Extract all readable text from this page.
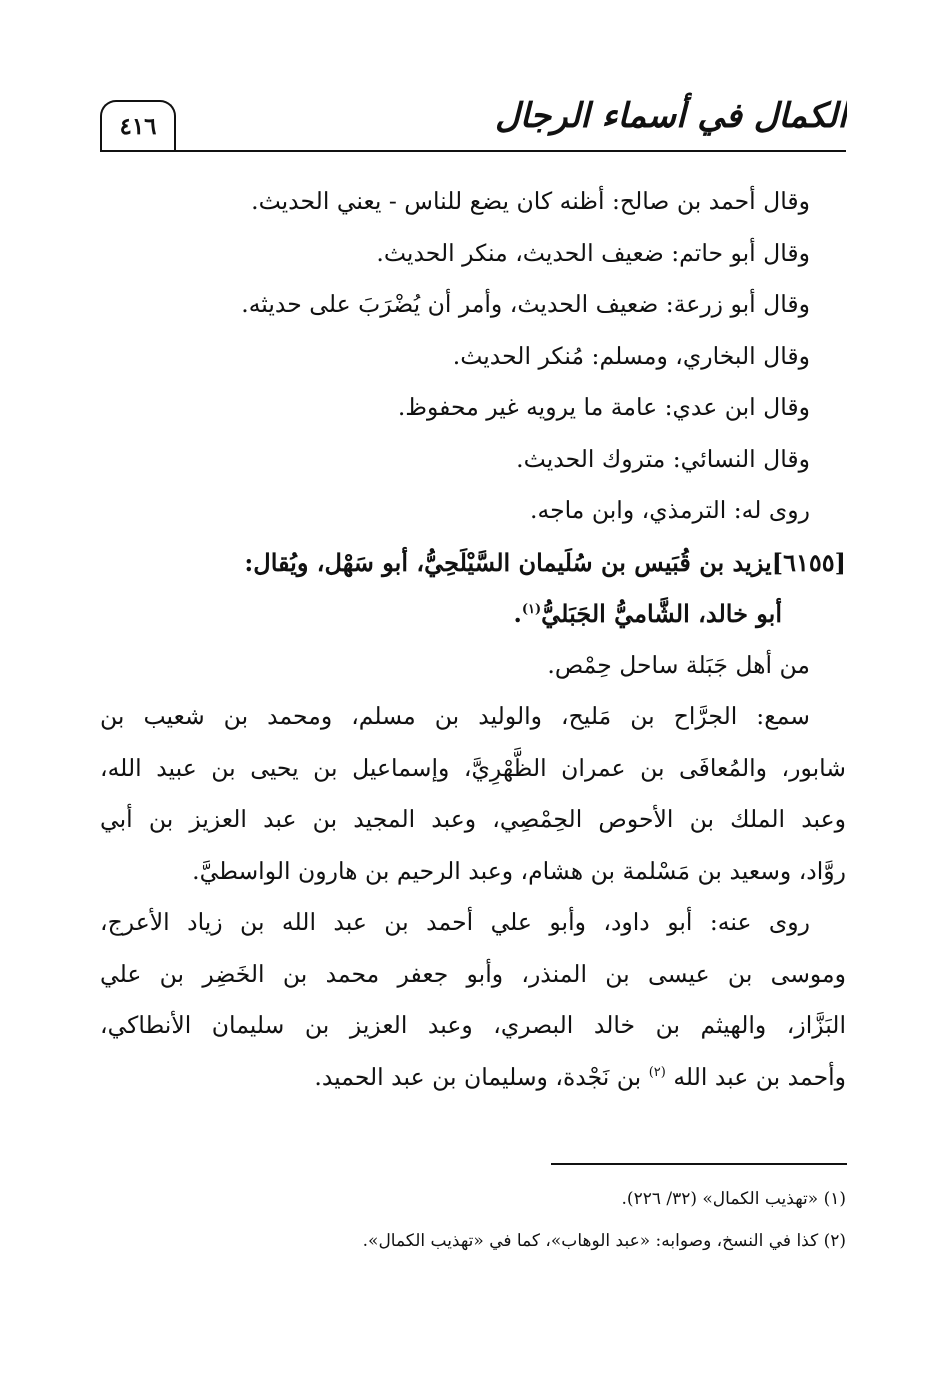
٤١٦	الكمال في أسماء الرجال
وقال أحمد بن صالح: أظنه كان يضع للناس - يعني الحديث.
وقال أبو حاتم: ضعيف الحديث، منكر الحديث.
وقال أبو زرعة: ضعيف الحديث، وأمر أن يُضْرَبَ على حديثه.
وقال البخاري، ومسلم: مُنكر الحديث.
وقال ابن عدي: عامة ما يرويه غير محفوظ.
وقال النسائي: متروك الحديث.
روى له: الترمذي، وابن ماجه.
[٦١٥٥]يزيد بن قُبَيس بن سُلَيمان السَّيْلَحِيُّ، أبو سَهْل، ويُقال:
أبو خالد، الشَّاميُّ الجَبَليُّ$^{(١)}$.
من أهل جَبَلة ساحل حِمْص.
سمع: الجرَّاح بن مَليح، والوليد بن مسلم، ومحمد بن شعيب بن
شابور، والمُعافَى بن عمران الظَّهْرِيَّ، وإسماعيل بن يحيى بن عبيد الله،
وعبد الملك بن الأحوص الحِمْصِي، وعبد المجيد بن عبد العزيز بن أبي
روَّاد، وسعيد بن مَسْلمة بن هشام، وعبد الرحيم بن هارون الواسطيَّ.
روى عنه: أبو داود، وأبو علي أحمد بن عبد الله بن زياد الأعرج،
وموسى بن عيسى بن المنذر، وأبو جعفر محمد بن الخَضِر بن علي
البَزَّاز، والهيثم بن خالد البصري، وعبد العزيز بن سليمان الأنطاكي،
وأحمد بن عبد الله $^{(٢)}$ بن نَجْدة، وسليمان بن عبد الحميد.
(١) «تهذيب الكمال» (٣٢/ ٢٢٦).
(٢) كذا في النسخ، وصوابه: «عبد الوهاب»، كما في «تهذيب الكمال».
